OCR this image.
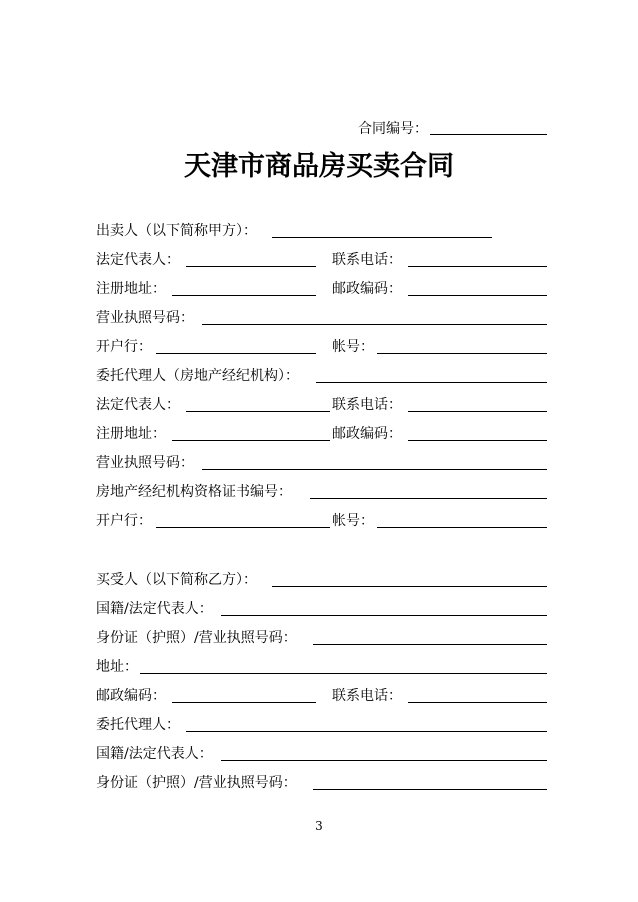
合同编号：
天津市商品房买卖合同
出卖人（以下简称甲方）：
法定代表人：	联系电话：
注册地址：	邮政编码：
营业执照号码：
开户行：	帐号：
委托代理人（房地产经纪机构）：
法定代表人：	联系电话：
注册地址：	邮政编码：
营业执照号码：
房地产经纪机构资格证书编号：
开户行：	帐号：
买受人（以下简称乙方）：
国籍/法定代表人：
身份证（护照）/营业执照号码：
地址：
邮政编码：	联系电话：
委托代理人：
国籍/法定代表人：
身份证（护照）/营业执照号码：
3
